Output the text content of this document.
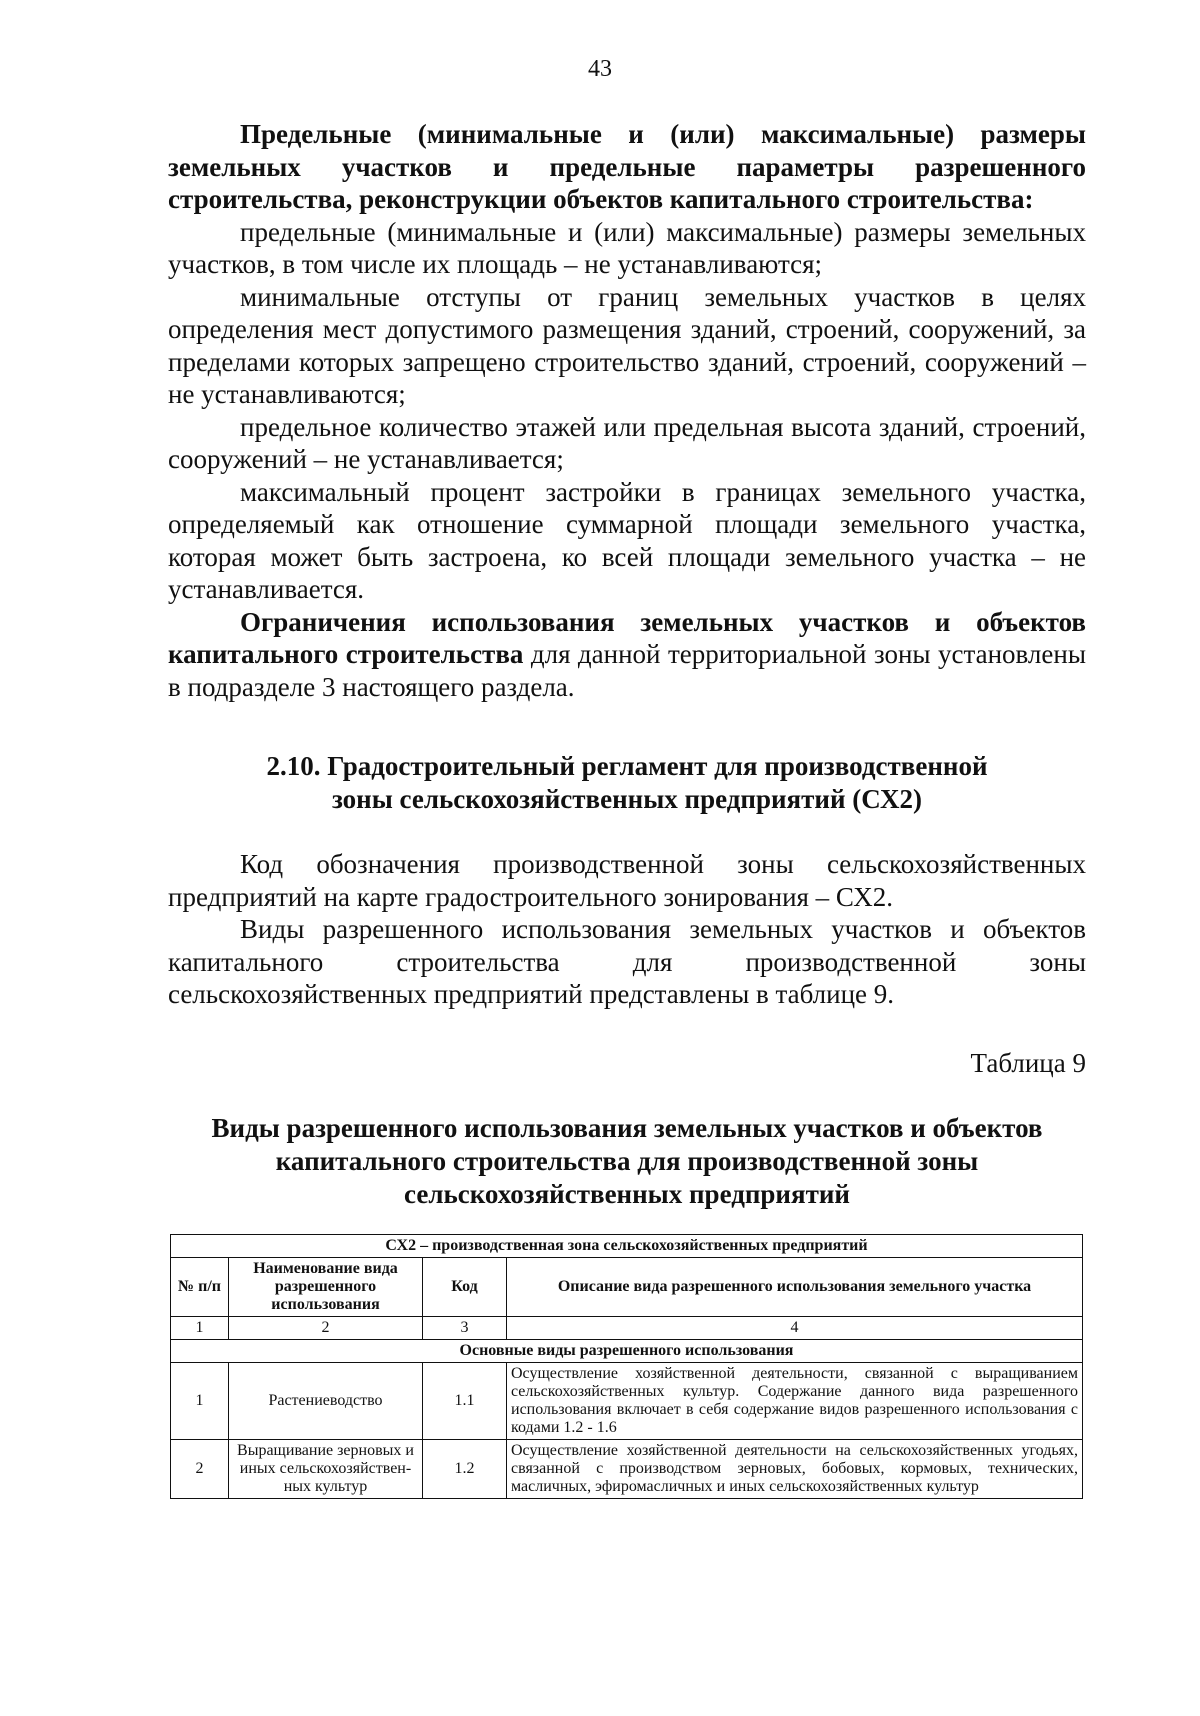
43

Предельные (минимальные и (или) максимальные) размеры земельных участков и предельные параметры разрешенного строительства, реконструкции объектов капитального строительства:

предельные (минимальные и (или) максимальные) размеры земельных участков, в том числе их площадь – не устанавливаются;

минимальные отступы от границ земельных участков в целях определения мест допустимого размещения зданий, строений, сооружений, за пределами которых запрещено строительство зданий, строений, сооружений – не устанавливаются;

предельное количество этажей или предельная высота зданий, строений, сооружений – не устанавливается;

максимальный процент застройки в границах земельного участка, определяемый как отношение суммарной площади земельного участка, которая может быть застроена, ко всей площади земельного участка – не устанавливается.

Ограничения использования земельных участков и объектов капитального строительства для данной территориальной зоны установлены в подразделе 3 настоящего раздела.

2.10. Градостроительный регламент для производственной
зоны сельскохозяйственных предприятий (СХ2)

Код обозначения производственной зоны сельскохозяйственных предприятий на карте градостроительного зонирования – СХ2.

Виды разрешенного использования земельных участков и объектов капитального строительства для производственной зоны сельскохозяйственных предприятий представлены в таблице 9.

Таблица 9
Виды разрешенного использования земельных участков и объектов
капитального строительства для производственной зоны
сельскохозяйственных предприятий
СХ2 – производственная зона сельскохозяйственных предприятий			
№ п/п	Наименование вида разрешенного использования	Код	Описание вида разрешенного использования земельного участка
1	2	3	4
Основные виды разрешенного использования			
1	Растениеводство	1.1	Осуществление хозяйственной деятельности, связанной с выращиванием сельскохозяйственных культур. Содержание данного вида разрешенного использования включает в себя содержание видов разрешенного использования с кодами 1.2 - 1.6
2	Выращивание зерновых и иных сельскохозяйствен-ных культур	1.2	Осуществление хозяйственной деятельности на сельскохозяйственных угодьях, связанной с производством зерновых, бобовых, кормовых, технических, масличных, эфиромасличных и иных сельскохозяйственных культур
